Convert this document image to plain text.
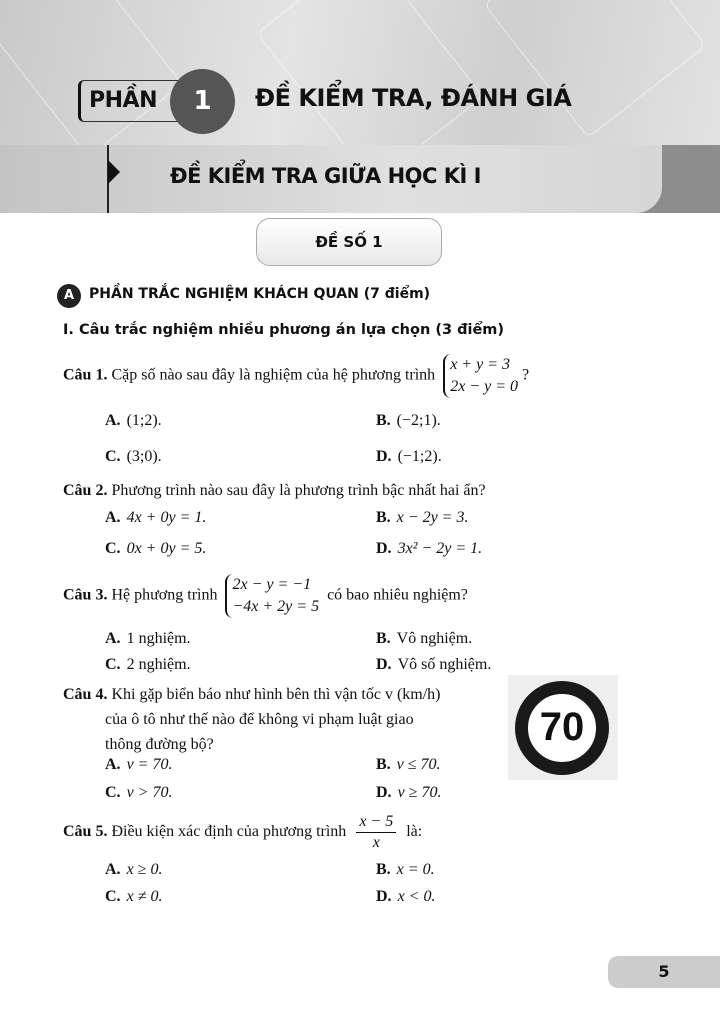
PHẦN	1	ĐỀ KIỂM TRA, ĐÁNH GIÁ
ĐỀ KIỂM TRA GIỮA HỌC KÌ I
ĐỀ SỐ 1
A	PHẦN TRẮC NGHIỆM KHÁCH QUAN (7 điểm)
I. Câu trắc nghiệm nhiều phương án lựa chọn (3 điểm)
Câu 1. Cặp số nào sau đây là nghiệm của hệ phương trình
x + y = 3
2x − y = 0
?
A. (1;2).	B. (−2;1).
C. (3;0).	D. (−1;2).
Câu 2. Phương trình nào sau đây là phương trình bậc nhất hai ẩn?
A. 4x + 0y = 1.	B. x − 2y = 3.
C. 0x + 0y = 5.	D. 3x² − 2y = 1.
Câu 3. Hệ phương trình
2x − y = −1
−4x + 2y = 5
có bao nhiêu nghiệm?
A. 1 nghiệm.	B. Vô nghiệm.
C. 2 nghiệm.	D. Vô số nghiệm.
Câu 4. Khi gặp biển báo như hình bên thì vận tốc v (km/h)
của ô tô như thế nào để không vi phạm luật giao
thông đường bộ?	70
A. v = 70.	B. v ≤ 70.
C. v > 70.	D. v ≥ 70.
Câu 5. Điều kiện xác định của phương trình $\frac{x - 5}{x}$ là:
A. x ≥ 0.	B. x = 0.
C. x ≠ 0.	D. x < 0.
5
